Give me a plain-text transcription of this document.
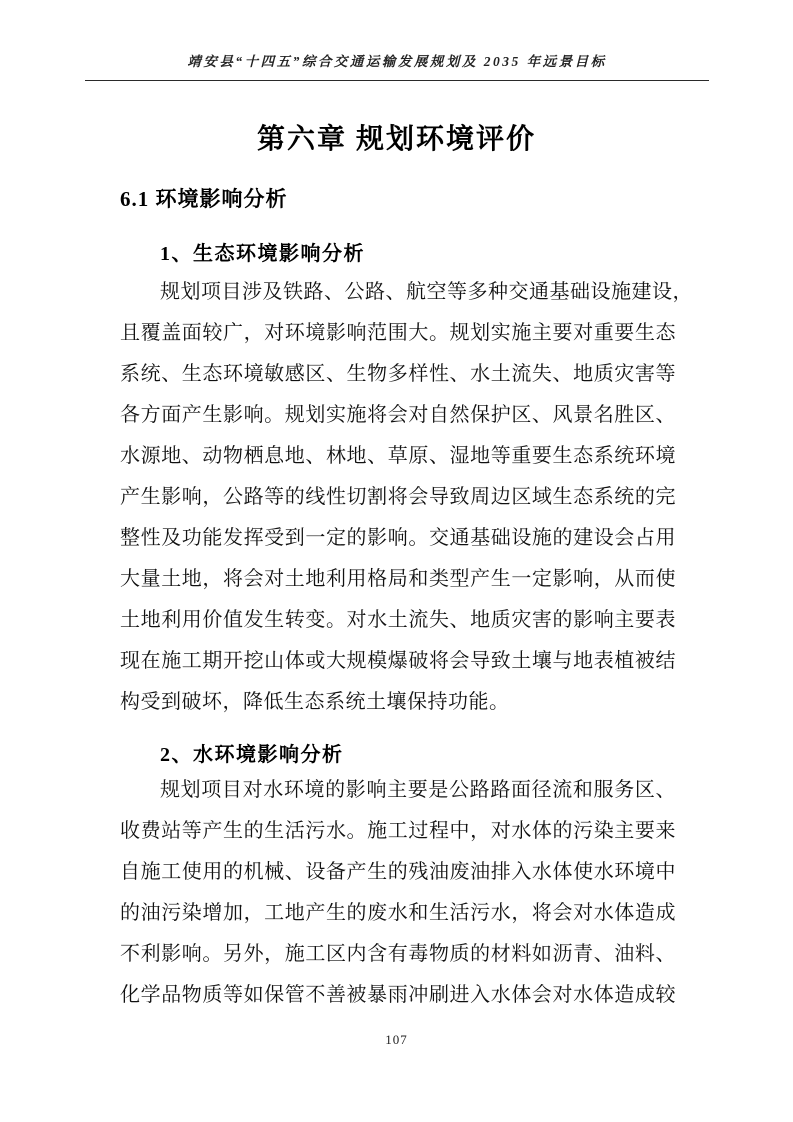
靖安县“十四五”综合交通运输发展规划及 2035 年远景目标
第六章 规划环境评价
6.1 环境影响分析
1、生态环境影响分析
规划项目涉及铁路、公路、航空等多种交通基础设施建设，
且覆盖面较广，对环境影响范围大。规划实施主要对重要生态
系统、生态环境敏感区、生物多样性、水土流失、地质灾害等
各方面产生影响。规划实施将会对自然保护区、风景名胜区、
水源地、动物栖息地、林地、草原、湿地等重要生态系统环境
产生影响，公路等的线性切割将会导致周边区域生态系统的完
整性及功能发挥受到一定的影响。交通基础设施的建设会占用
大量土地，将会对土地利用格局和类型产生一定影响，从而使
土地利用价值发生转变。对水土流失、地质灾害的影响主要表
现在施工期开挖山体或大规模爆破将会导致土壤与地表植被结
构受到破坏，降低生态系统土壤保持功能。
2、水环境影响分析
规划项目对水环境的影响主要是公路路面径流和服务区、
收费站等产生的生活污水。施工过程中，对水体的污染主要来
自施工使用的机械、设备产生的残油废油排入水体使水环境中
的油污染增加，工地产生的废水和生活污水，将会对水体造成
不利影响。另外，施工区内含有毒物质的材料如沥青、油料、
化学品物质等如保管不善被暴雨冲刷进入水体会对水体造成较
107
